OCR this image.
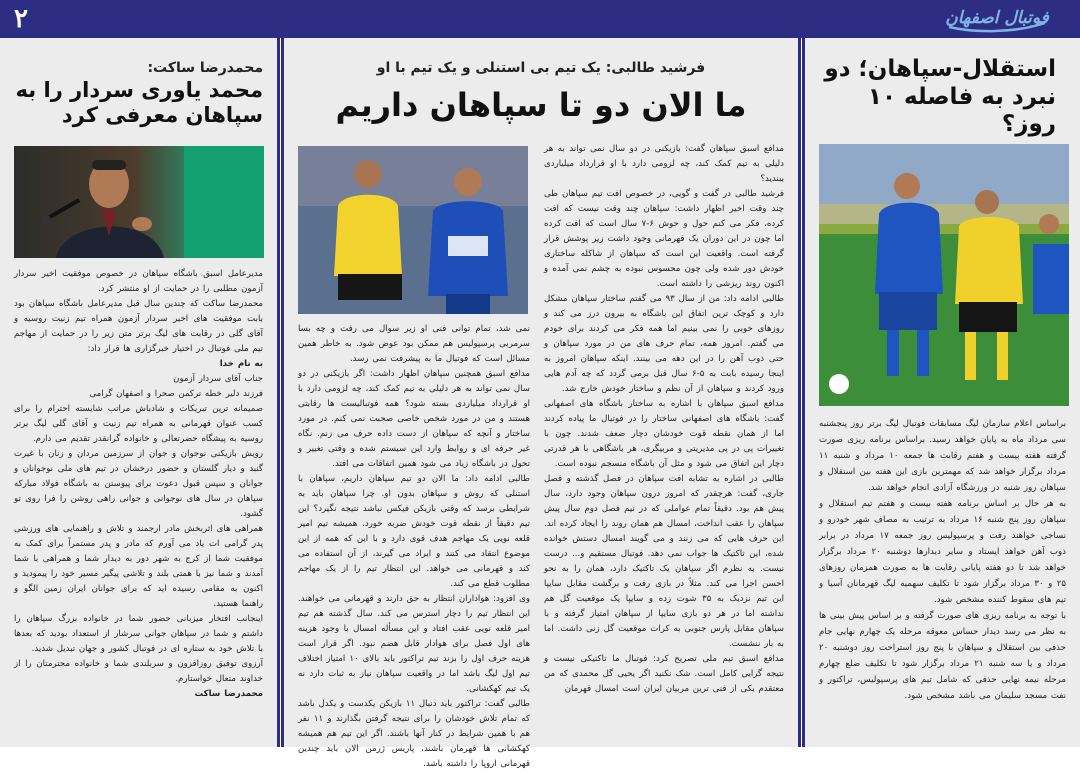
فوتبال اصفهان
۲
محمدرضا ساکت:
محمد یاوری سردار را به سپاهان معرفی کرد

مدیرعامل اسبق باشگاه سپاهان در خصوص موفقیت اخیر سردار آزمون مطلبی را در حمایت از او منتشر کرد.

محمدرضا ساکت که چندین سال قبل مدیرعامل باشگاه سپاهان بود بابت موفقیت های اخیر سردار آزمون همراه تیم زنیت روسیه و آقای گلی در رقابت های لیگ برتر متن زیر را در حمایت از مهاجم تیم ملی فوتبال در اختیار خبرگزاری ها قرار داد:

به نام خدا

جناب آقای سردار آزمون

فرزند دلیر خطه ترکمن صحرا و اصفهان گرامی

صمیمانه ترین تبریکات و شادباش مراتب شایسته احترام را برای کسب عنوان قهرمانی به همراه تیم زنیت و آقای گلی لیگ برتر روسیه به پیشگاه حضرتعالی و خانواده گرانقدر تقدیم می دارم.

رویش بازیکنی نوجوان و جوان از سرزمین مردان و زنان با غیرت گنبد و دیار گلستان و حضور درخشان در تیم های ملی نوجوانان و جوانان و سپس قبول دعوت برای پیوستن به باشگاه فولاد مبارکه سپاهان در سال های نوجوانی و جوانی راهی روشن را فرا روی تو گشود.

همراهی های اثربخش مادر ارجمند و تلاش و راهنمایی های ورزشی پدر گرامی ات یاد می آورم که مادر و پدر مستمراً برای کمک به موفقیت شما از کرج به شهر دور به دیدار شما و همراهی با شما آمدند و شما نیز با همتی بلند و تلاشی پیگیر مسیر خود را پیمودید و اکنون به مقامی رسیده اید که برای جوانان ایران زمین الگو و راهنما هستید.

اینجانب افتخار میزبانی حضور شما در خانواده بزرگ سپاهان را داشتم و شما در سپاهان جوانی سرشار از استعداد بودید که بعدها با تلاش خود به ستاره ای در فوتبال کشور و جهان تبدیل شدید.

آرزوی توفیق روزافزون و سربلندی شما و خانواده محترمتان را از خداوند متعال خواستارم.

محمدرضا ساکت

فرشید طالبی: یک تیم بی استنلی و یک تیم با او
ما الان دو تا سپاهان داریم

مدافع اسبق سپاهان گفت: بازیکنی در دو سال نمی تواند به هر دلیلی به تیم کمک کند، چه لزومی دارد با او قرارداد میلیاردی ببندید؟

فرشید طالبی در گفت و گویی، در خصوص افت تیم سپاهان طی چند وقت اخیر اظهار داشت: سپاهان چند وقت نیست که افت کرده، فکر می کنم حول و حوش ۶-۷ سال است که افت کرده اما چون در این دوران یک قهرمانی وجود داشت زیر پوشش قرار گرفته است. واقعیت این است که سپاهان از شاکله ساختاری خودش دور شده ولی چون محسوس نبوده به چشم نمی آمده و اکنون روند ریزشی را داشته است.

طالبی ادامه داد: من از سال ۹۳ می گفتم ساختار سپاهان مشکل دارد و کوچک ترین اتفاق این باشگاه به بیرون درز می کند و روزهای خوبی را نمی بینیم اما همه فکر می کردند برای خودم می گفتم. امروز همه، تمام حرف های من در مورد سپاهان و حتی ذوب آهن را در این دهه می بینند. اینکه سپاهان امروز به اینجا رسیده بابت به ۵-۶ سال قبل برمی گردد که چه آدم هایی ورود کردند و سپاهان از آن نظم و ساختار خودش خارج شد.

مدافع اسبق سپاهان با اشاره به ساختار باشگاه های اصفهانی گفت: باشگاه های اصفهانی ساختار را در فوتبال ما پیاده کردند اما از همان نقطه قوت خودشان دچار ضعف شدند. چون با تغییرات پی در پی مدیریتی و مربیگری، هر باشگاهی با هر قدرتی دچار این اتفاق می شود و مثل آن باشگاه منسجم نبوده است.

طالبی در اشاره به تشابه افت سپاهان در فصل گذشته و فصل جاری، گفت: هرچقدر که امروز درون سپاهان وجود دارد، سال پیش هم بود. دقیقاً تمام عواملی که در نیم فصل دوم سال پیش سپاهان را عقب انداخت، امسال هم همان روند را ایجاد کرده اند. این حرف هایی که می زنند و می گویند امسال دستش خوانده شده، این تاکتیک ها جواب نمی دهد. فوتبال مستقیم و... درست نیست. به نظرم اگر سپاهان یک تاکتیک دارد، همان را به نحو احسن اجرا می کند. مثلاً در بازی رفت و برگشت مقابل سایپا این تیم نزدیک به ۳۵ شوت زده و سایپا یک موقعیت گل هم نداشته اما در هر دو بازی سایپا از سپاهان امتیاز گرفته و با سپاهان مقابل پارس جنوبی به کرات موقعیت گل زنی داشت. اما به بار ننشست.

مدافع اسبق تیم ملی تصریح کرد: فوتبال ما تاکتیکی نیست و نتیجه گرایی کامل است. شک نکنید اگر یحیی گل محمدی که من معتقدم یکی از فنی ترین مربیان ایران است امسال قهرمان

نمی شد، تمام توانی فنی او زیر سوال می رفت و چه بسا سرمربی پرسپولیس هم ممکن بود عوض شود. به خاطر همین مسائل است که فوتبال ما به پیشرفت نمی رسد.

مدافع اسبق همچنین سپاهان اظهار داشت: اگر بازیکنی در دو سال نمی تواند به هر دلیلی به تیم کمک کند، چه لزومی دارد با او قرارداد میلیاردی بسته شود؟ همه فوتبالیست ها رقابتی هستند و من در مورد شخص خاصی صحبت نمی کنم. در مورد ساختار و آنچه که سپاهان از دست داده حرف می زنم. نگاه غیر حرفه ای و روابط وارد این سیستم شده و وقتی تغییر و تحول در باشگاه زیاد می شود همین اتفاقات می افتد.

طالبی ادامه داد: ما الان دو تیم سپاهان داریم، سپاهان با استنلی که روش و سپاهان بدون او. چرا سپاهان باید به شرایطی برسد که وقتی بازیکن فیکس نباشد نتیجه نگیرد؟ این تیم دقیقاً از نقطه قوت خودش ضربه خورد. همیشه تیم امیر قلعه نویی یک مهاجم هدف قوی دارد و با این که همه از این موضوع انتقاد می کنند و ایراد می گیرند، از آن استفاده می کند و قهرمانی می خواهد. این انتظار تیم را از یک مهاجم مطلوب قطع می کند.

وی افزود: هواداران انتظار به حق دارند و قهرمانی می خواهند. این انتظار تیم را دچار استرس می کند. سال گذشته هم تیم امیر قلعه نویی عقب افتاد و این مسأله امسال با وجود هزینه های اول فصل برای هوادار قابل هضم نبود. اگر قرار است هزینه حرف اول را بزند تیم تراکتور باید بالای ۱۰ امتیاز اختلاف تیم اول لیگ باشد اما در واقعیت سپاهان نیاز به ثبات دارد نه یک تیم کهکشانی.

طالبی گفت: تراکتور باید دنبال ۱۱ بازیکن یکدست و یکدل باشد که تمام تلاش خودشان را برای نتیجه گرفتن بگذارند و ۱۱ نفر هم با همین شرایط در کنار آنها باشند. اگر این تیم هم همیشه کهکشانی ها قهرمان باشند، پاریس ژرمن الان باید چندین قهرمانی اروپا را داشته باشد.

استقلال-سپاهان؛ دو نبرد به فاصله ۱۰ روز؟

براساس اعلام سازمان لیگ مسابقات فوتبال لیگ برتر روز پنجشنبه سی مرداد ماه به پایان خواهد رسید. براساس برنامه ریزی صورت گرفته هفته بیست و هفتم رقابت ها جمعه ۱۰ مرداد و شنبه ۱۱ مرداد برگزار خواهد شد که مهمترین بازی این هفته بین استقلال و سپاهان روز شنبه در ورزشگاه آزادی انجام خواهد شد.

به هر حال بر اساس برنامه هفته بیست و هفتم تیم استقلال و سپاهان روز پنج شنبه ۱۶ مرداد به ترتیب به مصاف شهر خودرو و نساجی خواهند رفت و پرسپولیس روز جمعه ۱۷ مرداد در برابر ذوب آهن خواهد ایستاد و سایر دیدارها دوشنبه ۲۰ مرداد برگزار خواهد شد تا دو هفته پایانی رقابت ها به صورت همزمان روزهای ۲۵ و ۳۰ مرداد برگزار شود تا تکلیف سهمیه لیگ قهرمانان آسیا و تیم های سقوط کننده مشخص شود.

با توجه به برنامه ریزی های صورت گرفته و بر اساس پیش بینی ها به نظر می رسد دیدار حساس معوقه مرحله یک چهارم نهایی جام حذفی بین استقلال و سپاهان با پنج روز استراحت روز دوشنبه ۲۰ مرداد و یا سه شنبه ۲۱ مرداد برگزار شود تا تکلیف ضلع چهارم مرحله نیمه نهایی حذفی که شامل تیم های پرسپولیس، تراکتور و نفت مسجد سلیمان می باشد مشخص شود.
